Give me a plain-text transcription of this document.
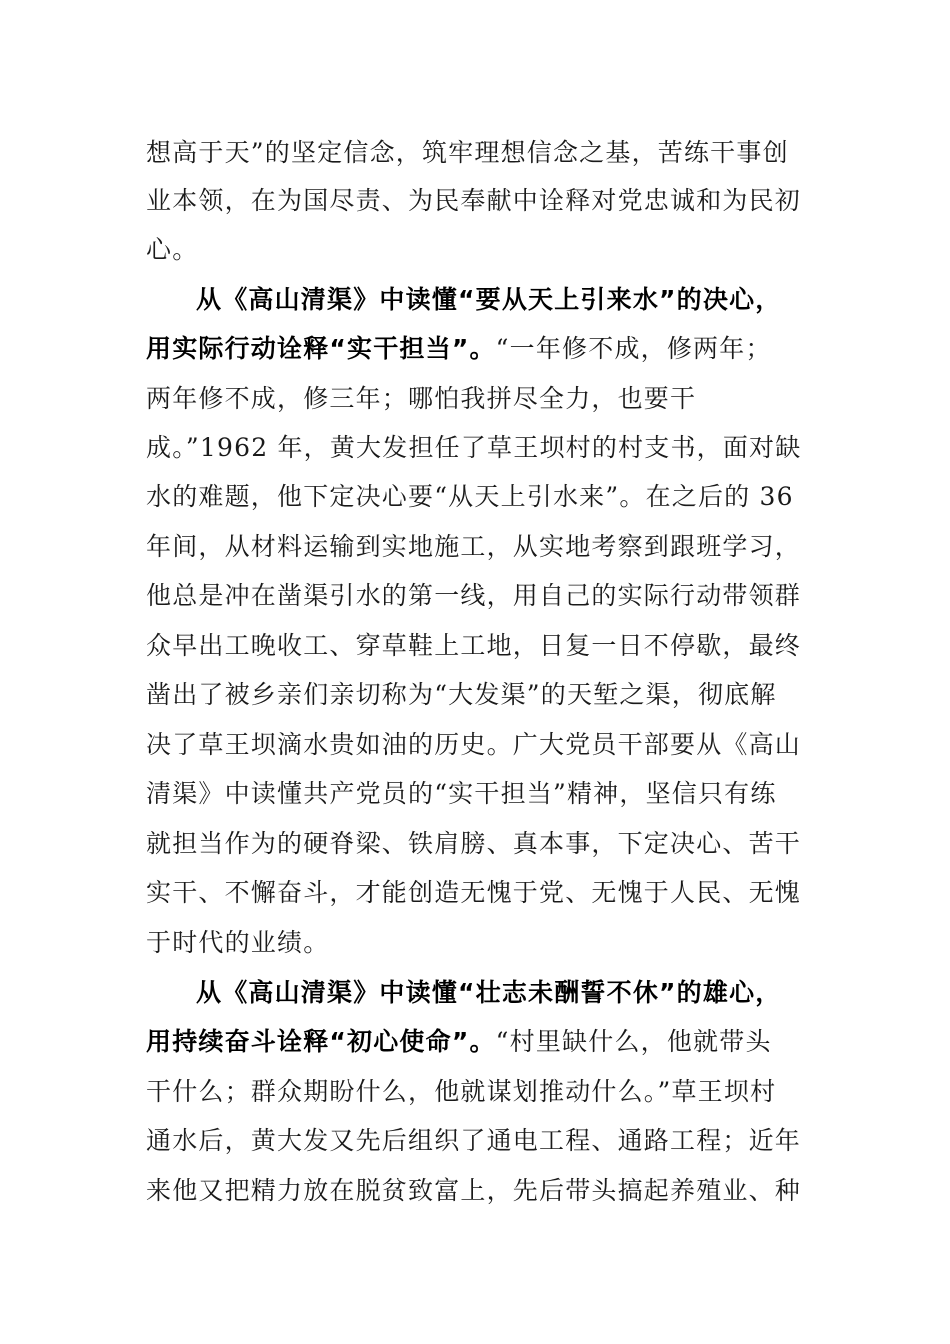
想高于天”的坚定信念，筑牢理想信念之基，苦练干事创
业本领，在为国尽责、为民奉献中诠释对党忠诚和为民初
心。
从《高山清渠》中读懂“要从天上引来水”的决心，
用实际行动诠释“实干担当”。“一年修不成，修两年；
两年修不成，修三年；哪怕我拼尽全力，也要干
成。”1962 年，黄大发担任了草王坝村的村支书，面对缺
水的难题，他下定决心要“从天上引水来”。在之后的 36
年间，从材料运输到实地施工，从实地考察到跟班学习，
他总是冲在凿渠引水的第一线，用自己的实际行动带领群
众早出工晚收工、穿草鞋上工地，日复一日不停歇，最终
凿出了被乡亲们亲切称为“大发渠”的天堑之渠，彻底解
决了草王坝滴水贵如油的历史。广大党员干部要从《高山
清渠》中读懂共产党员的“实干担当”精神，坚信只有练
就担当作为的硬脊梁、铁肩膀、真本事，下定决心、苦干
实干、不懈奋斗，才能创造无愧于党、无愧于人民、无愧
于时代的业绩。
从《高山清渠》中读懂“壮志未酬誓不休”的雄心，
用持续奋斗诠释“初心使命”。“村里缺什么，他就带头
干什么；群众期盼什么，他就谋划推动什么。”草王坝村
通水后，黄大发又先后组织了通电工程、通路工程；近年
来他又把精力放在脱贫致富上，先后带头搞起养殖业、种
